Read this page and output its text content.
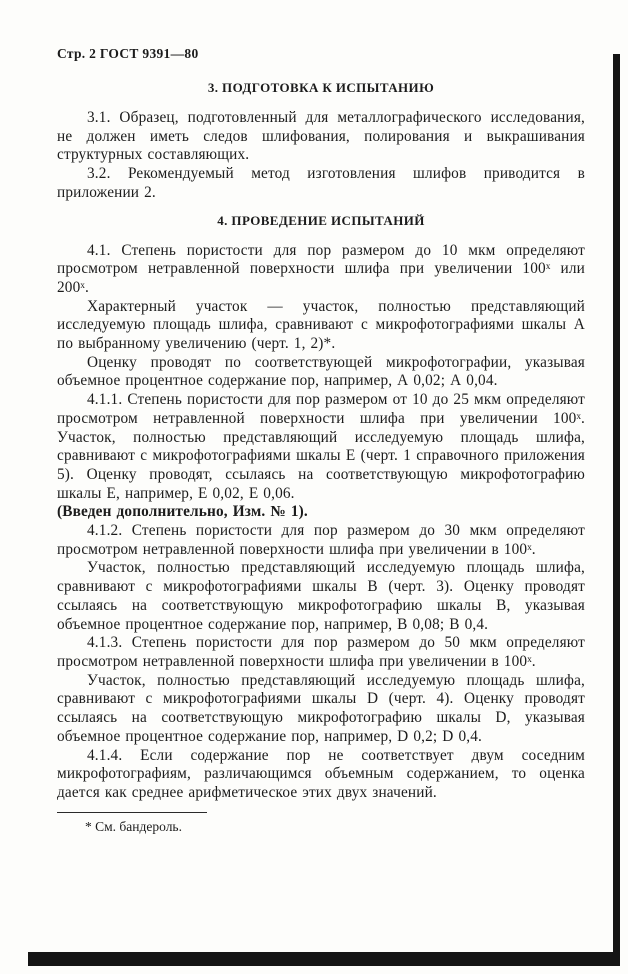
Стр. 2 ГОСТ 9391—80
3. ПОДГОТОВКА К ИСПЫТАНИЮ

3.1. Образец, подготовленный для металлографического исследования, не должен иметь следов шлифования, полирования и выкрашивания структурных составляющих.

3.2. Рекомендуемый метод изготовления шлифов приводится в приложении 2.

4. ПРОВЕДЕНИЕ ИСПЫТАНИЙ

4.1. Степень пористости для пор размером до 10 мкм определяют просмотром нетравленной поверхности шлифа при увеличении 100ˣ или 200ˣ.

Характерный участок — участок, полностью представляющий исследуемую площадь шлифа, сравнивают с микрофотографиями шкалы А по выбранному увеличению (черт. 1, 2)*.

Оценку проводят по соответствующей микрофотографии, указывая объемное процентное содержание пор, например, А 0,02; А 0,04.

4.1.1. Степень пористости для пор размером от 10 до 25 мкм определяют просмотром нетравленной поверхности шлифа при увеличении 100ˣ. Участок, полностью представляющий исследуемую площадь шлифа, сравнивают с микрофотографиями шкалы Е (черт. 1 справочного приложения 5). Оценку проводят, ссылаясь на соответствующую микрофотографию шкалы Е, например, Е 0,02, Е 0,06.

(Введен дополнительно, Изм. № 1).

4.1.2. Степень пористости для пор размером до 30 мкм определяют просмотром нетравленной поверхности шлифа при увеличении в 100ˣ.

Участок, полностью представляющий исследуемую площадь шлифа, сравнивают с микрофотографиями шкалы В (черт. 3). Оценку проводят ссылаясь на соответствующую микрофотографию шкалы В, указывая объемное процентное содержание пор, например, В 0,08; В 0,4.

4.1.3. Степень пористости для пор размером до 50 мкм определяют просмотром нетравленной поверхности шлифа при увеличении в 100ˣ.

Участок, полностью представляющий исследуемую площадь шлифа, сравнивают с микрофотографиями шкалы D (черт. 4). Оценку проводят ссылаясь на соответствующую микрофотографию шкалы D, указывая объемное процентное содержание пор, например, D 0,2; D 0,4.

4.1.4. Если содержание пор не соответствует двум соседним микрофотографиям, различающимся объемным содержанием, то оценка дается как среднее арифметическое этих двух значений.

* См. бандероль.
